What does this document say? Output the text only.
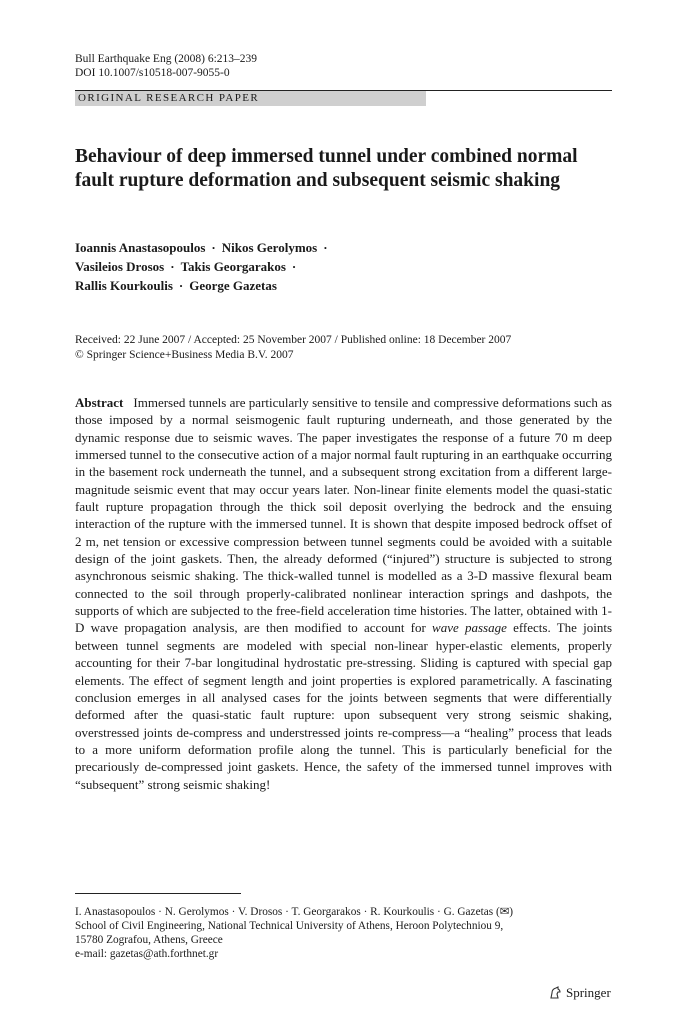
Bull Earthquake Eng (2008) 6:213–239
DOI 10.1007/s10518-007-9055-0
ORIGINAL RESEARCH PAPER
Behaviour of deep immersed tunnel under combined normal fault rupture deformation and subsequent seismic shaking
Ioannis Anastasopoulos · Nikos Gerolymos ·
Vasileios Drosos · Takis Georgarakos ·
Rallis Kourkoulis · George Gazetas
Received: 22 June 2007 / Accepted: 25 November 2007 / Published online: 18 December 2007
© Springer Science+Business Media B.V. 2007

Abstract Immersed tunnels are particularly sensitive to tensile and compressive deformations such as those imposed by a normal seismogenic fault rupturing underneath, and those generated by the dynamic response due to seismic waves. The paper investigates the response of a future 70 m deep immersed tunnel to the consecutive action of a major normal fault rupturing in an earthquake occurring in the basement rock underneath the tunnel, and a subsequent strong excitation from a different large-magnitude seismic event that may occur years later. Non-linear finite elements model the quasi-static fault rupture propagation through the thick soil deposit overlying the bedrock and the ensuing interaction of the rupture with the immersed tunnel. It is shown that despite imposed bedrock offset of 2 m, net tension or excessive compression between tunnel segments could be avoided with a suitable design of the joint gaskets. Then, the already deformed (“injured”) structure is subjected to strong asynchronous seismic shaking. The thick-walled tunnel is modelled as a 3-D massive flexural beam connected to the soil through properly-calibrated nonlinear interaction springs and dashpots, the supports of which are subjected to the free-field acceleration time histories. The latter, obtained with 1-D wave propagation analysis, are then modified to account for wave passage effects. The joints between tunnel segments are modeled with special non-linear hyper-elastic elements, properly accounting for their 7-bar longitudinal hydrostatic pre-stressing. Sliding is captured with special gap elements. The effect of segment length and joint properties is explored parametrically. A fascinating conclusion emerges in all analysed cases for the joints between segments that were differentially deformed after the quasi-static fault rupture: upon subsequent very strong seismic shaking, overstressed joints de-compress and understressed joints re-compress—a “healing” process that leads to a more uniform deformation profile along the tunnel. This is particularly beneficial for the precariously de-compressed joint gaskets. Hence, the safety of the immersed tunnel improves with “subsequent” strong seismic shaking!

I. Anastasopoulos · N. Gerolymos · V. Drosos · T. Georgarakos · R. Kourkoulis · G. Gazetas (✉)
School of Civil Engineering, National Technical University of Athens, Heroon Polytechniou 9,
15780 Zografou, Athens, Greece
e-mail: gazetas@ath.forthnet.gr
Springer
